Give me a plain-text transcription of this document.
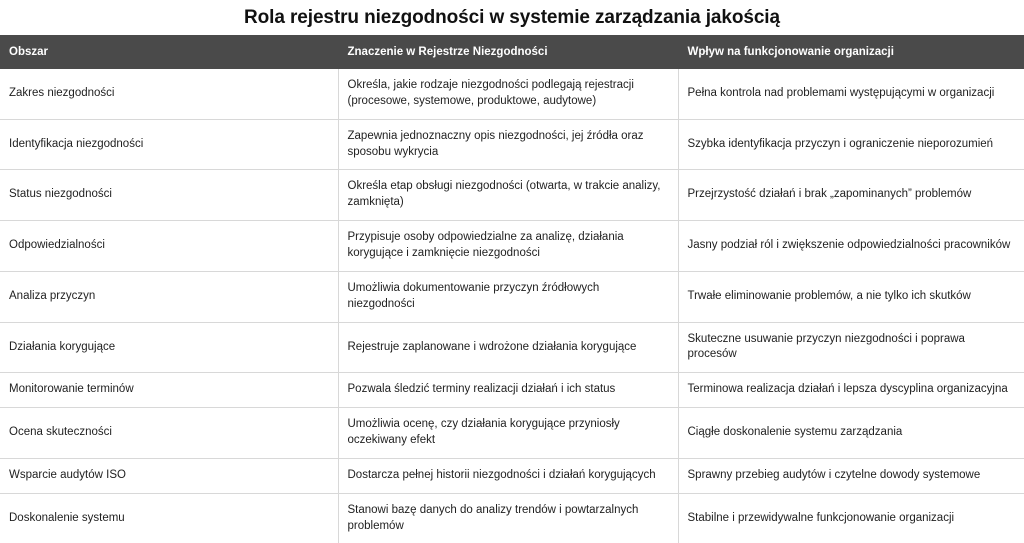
Rola rejestru niezgodności w systemie zarządzania jakością
Obszar	Znaczenie w Rejestrze Niezgodności	Wpływ na funkcjonowanie organizacji
Zakres niezgodności	Określa, jakie rodzaje niezgodności podlegają rejestracji (procesowe, systemowe, produktowe, audytowe)	Pełna kontrola nad problemami występującymi w organizacji
Identyfikacja niezgodności	Zapewnia jednoznaczny opis niezgodności, jej źródła oraz sposobu wykrycia	Szybka identyfikacja przyczyn i ograniczenie nieporozumień
Status niezgodności	Określa etap obsługi niezgodności (otwarta, w trakcie analizy, zamknięta)	Przejrzystość działań i brak „zapominanych” problemów
Odpowiedzialności	Przypisuje osoby odpowiedzialne za analizę, działania korygujące i zamknięcie niezgodności	Jasny podział ról i zwiększenie odpowiedzialności pracowników
Analiza przyczyn	Umożliwia dokumentowanie przyczyn źródłowych niezgodności	Trwałe eliminowanie problemów, a nie tylko ich skutków
Działania korygujące	Rejestruje zaplanowane i wdrożone działania korygujące	Skuteczne usuwanie przyczyn niezgodności i poprawa procesów
Monitorowanie terminów	Pozwala śledzić terminy realizacji działań i ich status	Terminowa realizacja działań i lepsza dyscyplina organizacyjna
Ocena skuteczności	Umożliwia ocenę, czy działania korygujące przyniosły oczekiwany efekt	Ciągłe doskonalenie systemu zarządzania
Wsparcie audytów ISO	Dostarcza pełnej historii niezgodności i działań korygujących	Sprawny przebieg audytów i czytelne dowody systemowe
Doskonalenie systemu	Stanowi bazę danych do analizy trendów i powtarzalnych problemów	Stabilne i przewidywalne funkcjonowanie organizacji
